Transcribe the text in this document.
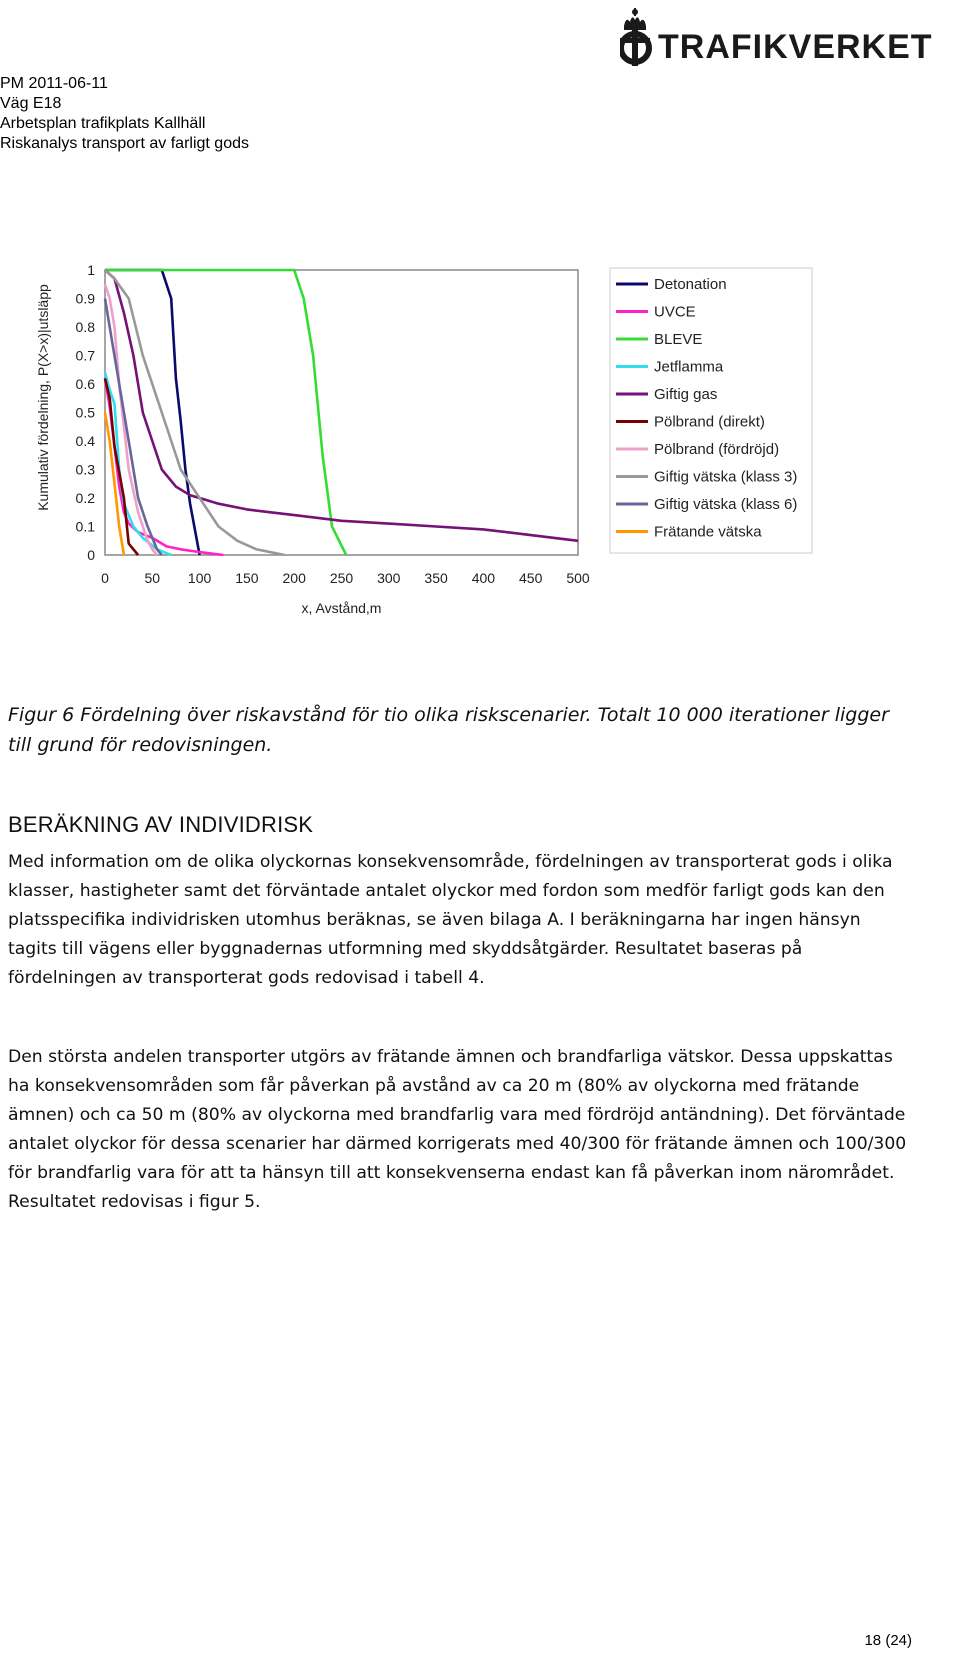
TRAFIKVERKET
PM 2011-06-11
Väg E18
Arbetsplan trafikplats Kallhäll
Riskanalys transport av farligt gods
Kumulativ fördelning, P(X>x)|utsläpp
0
0.1
0.2
0.3
0.4
0.5
0.6
0.7
0.8
0.9
1
0	50 100 150 200 250 300 350 400 450 500
x, Avstånd,m
Detonation
UVCE
BLEVE
Jetflamma
Giftig gas
Pölbrand (direkt)
Pölbrand (fördröjd)
Giftig vätska (klass 3)
Giftig vätska (klass 6)
Frätande vätska
Figur 6 Fördelning över riskavstånd för tio olika riskscenarier. Totalt 10 000 iterationer ligger till grund för redovisningen.
BERÄKNING AV INDIVIDRISK

Med information om de olika olyckornas konsekvensområde, fördelningen av transporterat gods i olika klasser, hastigheter samt det förväntade antalet olyckor med fordon som medför farligt gods kan den platsspecifika individrisken utomhus beräknas, se även bilaga A. I beräkningarna har ingen hänsyn tagits till vägens eller byggnadernas utformning med skyddsåtgärder. Resultatet baseras på fördelningen av transporterat gods redovisad i tabell 4.

Den största andelen transporter utgörs av frätande ämnen och brandfarliga vätskor. Dessa uppskattas ha konsekvensområden som får påverkan på avstånd av ca 20 m (80% av olyckorna med frätande ämnen) och ca 50 m (80% av olyckorna med brandfarlig vara med fördröjd antändning). Det förväntade antalet olyckor för dessa scenarier har därmed korrigerats med 40/300 för frätande ämnen och 100/300 för brandfarlig vara för att ta hänsyn till att konsekvenserna endast kan få påverkan inom närområdet. Resultatet redovisas i figur 5.

18 (24)
